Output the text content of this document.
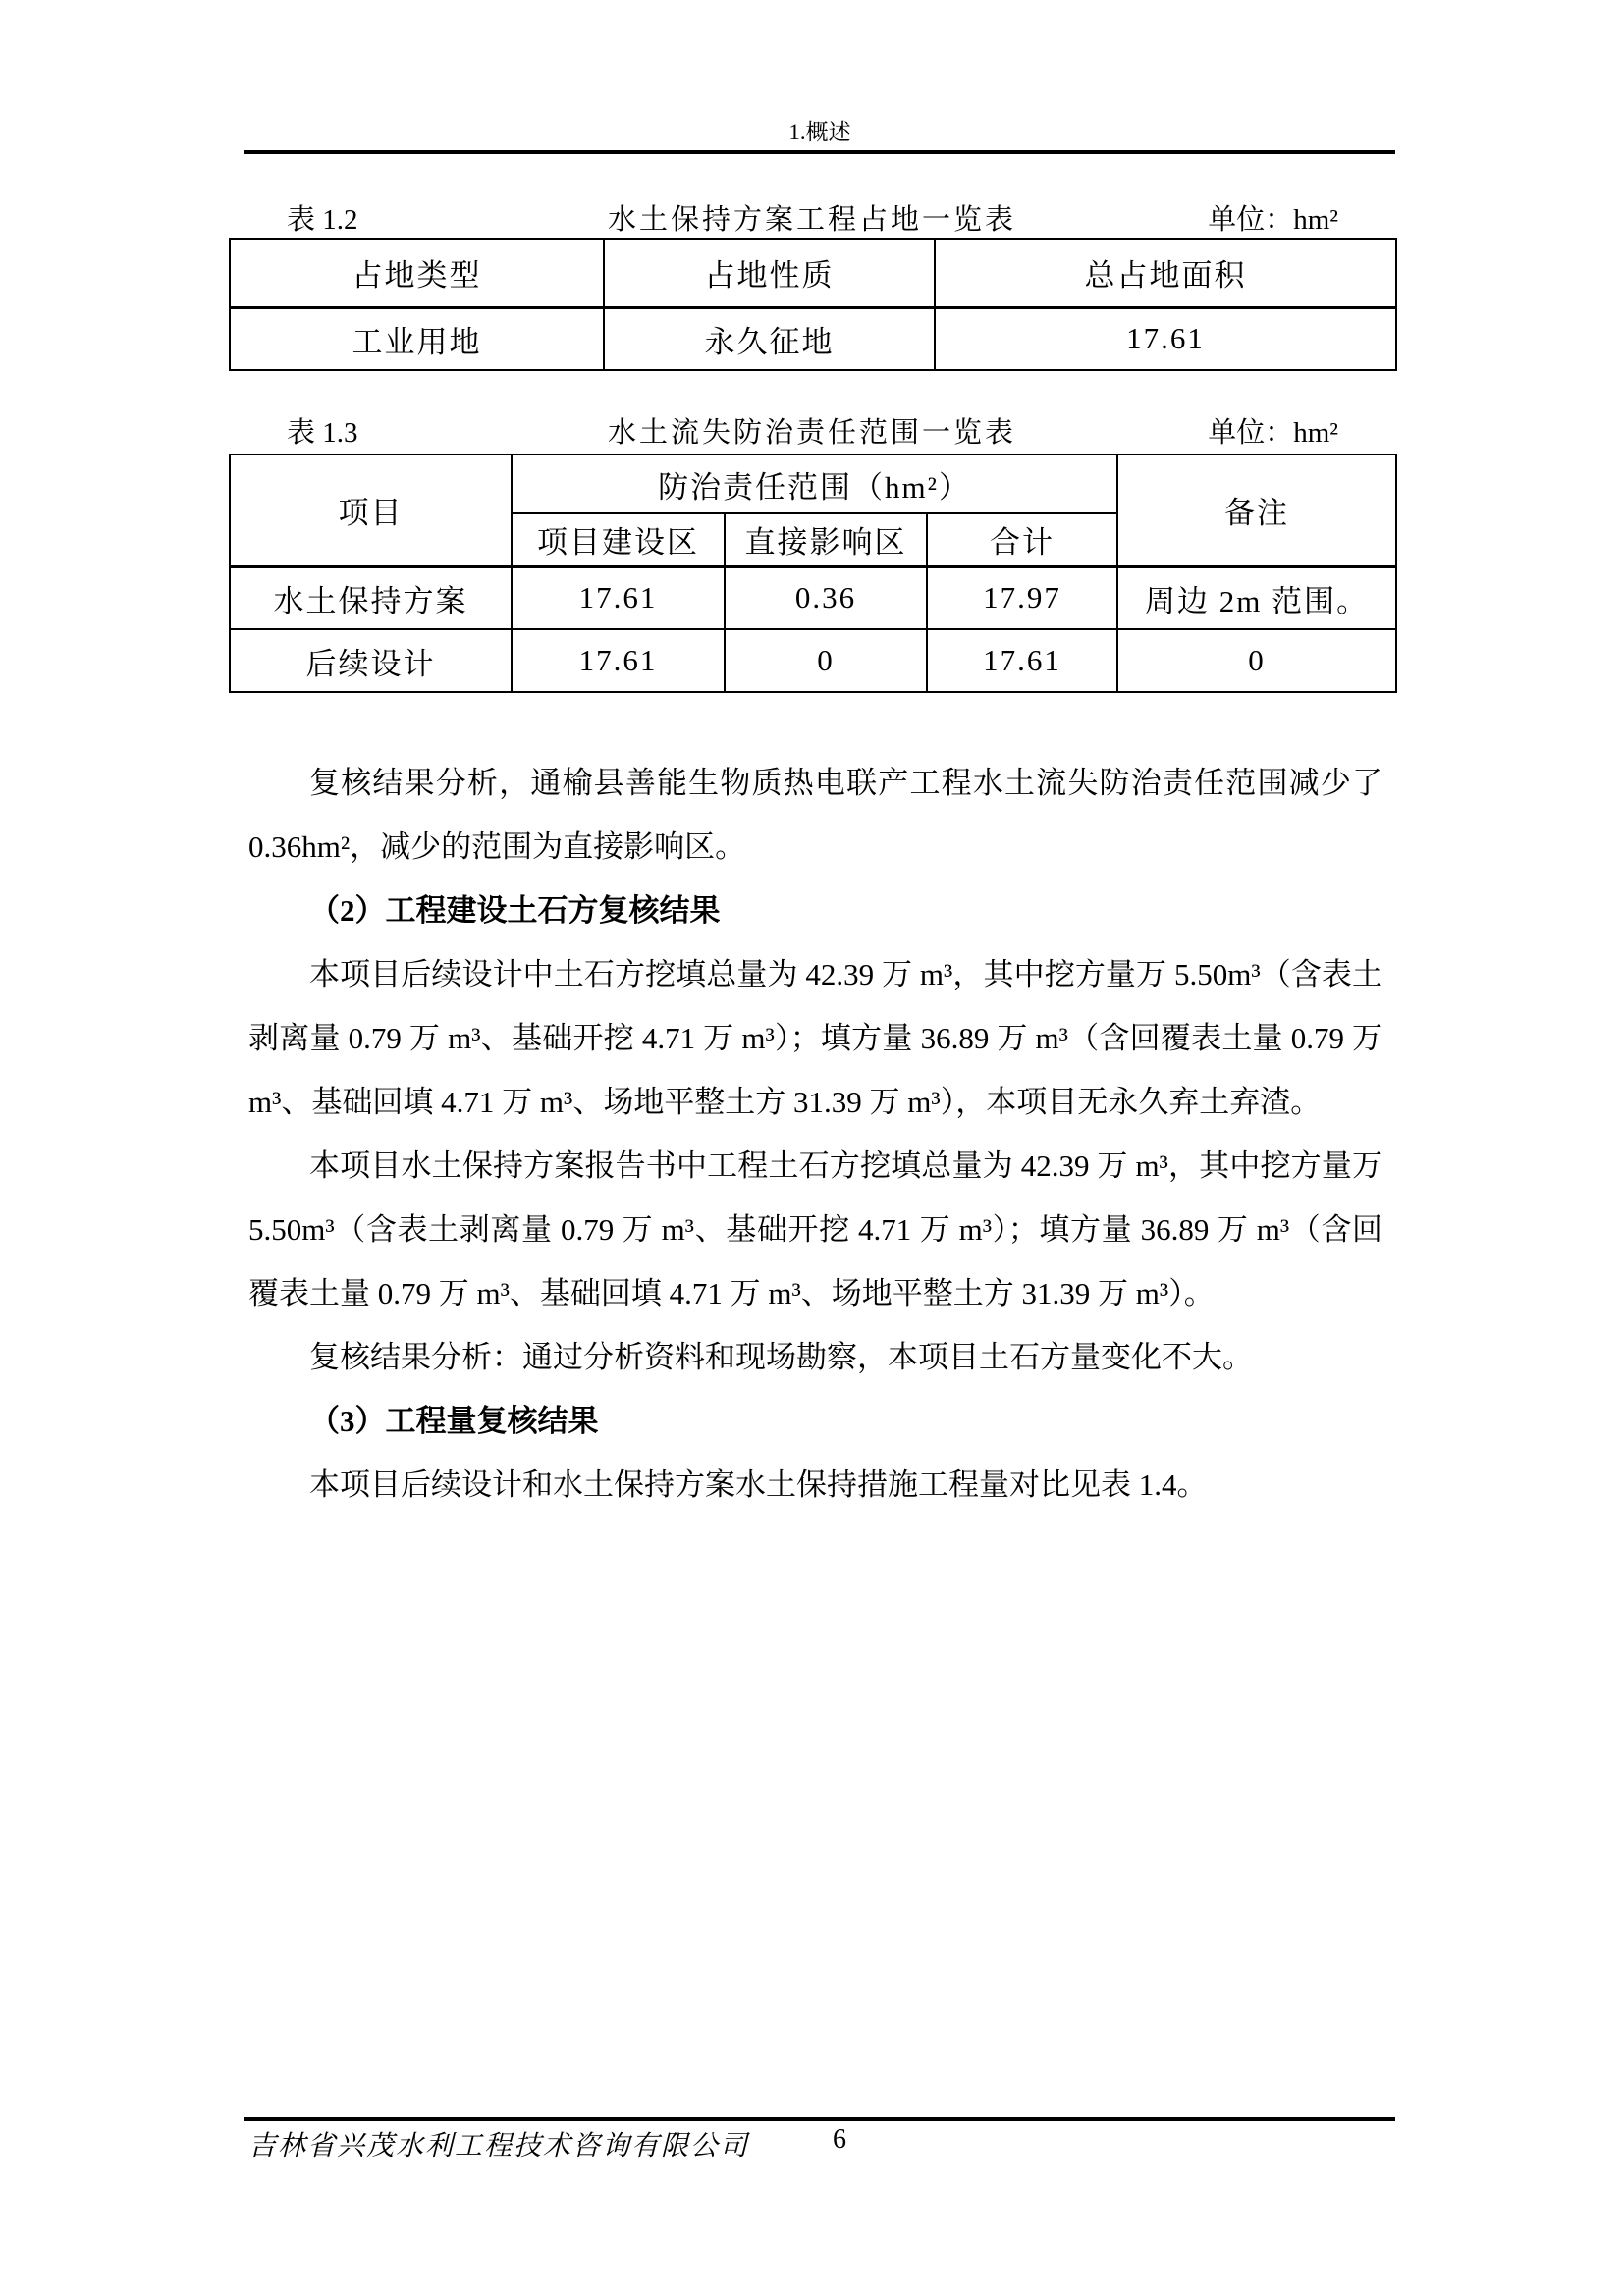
1.概述
表 1.2	水土保持方案工程占地一览表	单位：hm²
占地类型	占地性质	总占地面积
工业用地	永久征地	17.61
表 1.3	水土流失防治责任范围一览表	单位：hm²
项目	防治责任范围（hm²）			备注
	项目建设区	直接影响区	合计	
水土保持方案	17.61	0.36	17.97	周边 2m 范围。
后续设计	17.61	0	17.61	0

复核结果分析，通榆县善能生物质热电联产工程水土流失防治责任范围减少了 0.36hm²，减少的范围为直接影响区。

（2）工程建设土石方复核结果

本项目后续设计中土石方挖填总量为 42.39 万 m³，其中挖方量万 5.50m³（含表土剥离量 0.79 万 m³、基础开挖 4.71 万 m³）；填方量 36.89 万 m³（含回覆表土量 0.79 万 m³、基础回填 4.71 万 m³、场地平整土方 31.39 万 m³），本项目无永久弃土弃渣。

本项目水土保持方案报告书中工程土石方挖填总量为 42.39 万 m³，其中挖方量万 5.50m³（含表土剥离量 0.79 万 m³、基础开挖 4.71 万 m³）；填方量 36.89 万 m³（含回覆表土量 0.79 万 m³、基础回填 4.71 万 m³、场地平整土方 31.39 万 m³）。

复核结果分析：通过分析资料和现场勘察，本项目土石方量变化不大。

（3）工程量复核结果

本项目后续设计和水土保持方案水土保持措施工程量对比见表 1.4。

吉林省兴茂水利工程技术咨询有限公司	6
